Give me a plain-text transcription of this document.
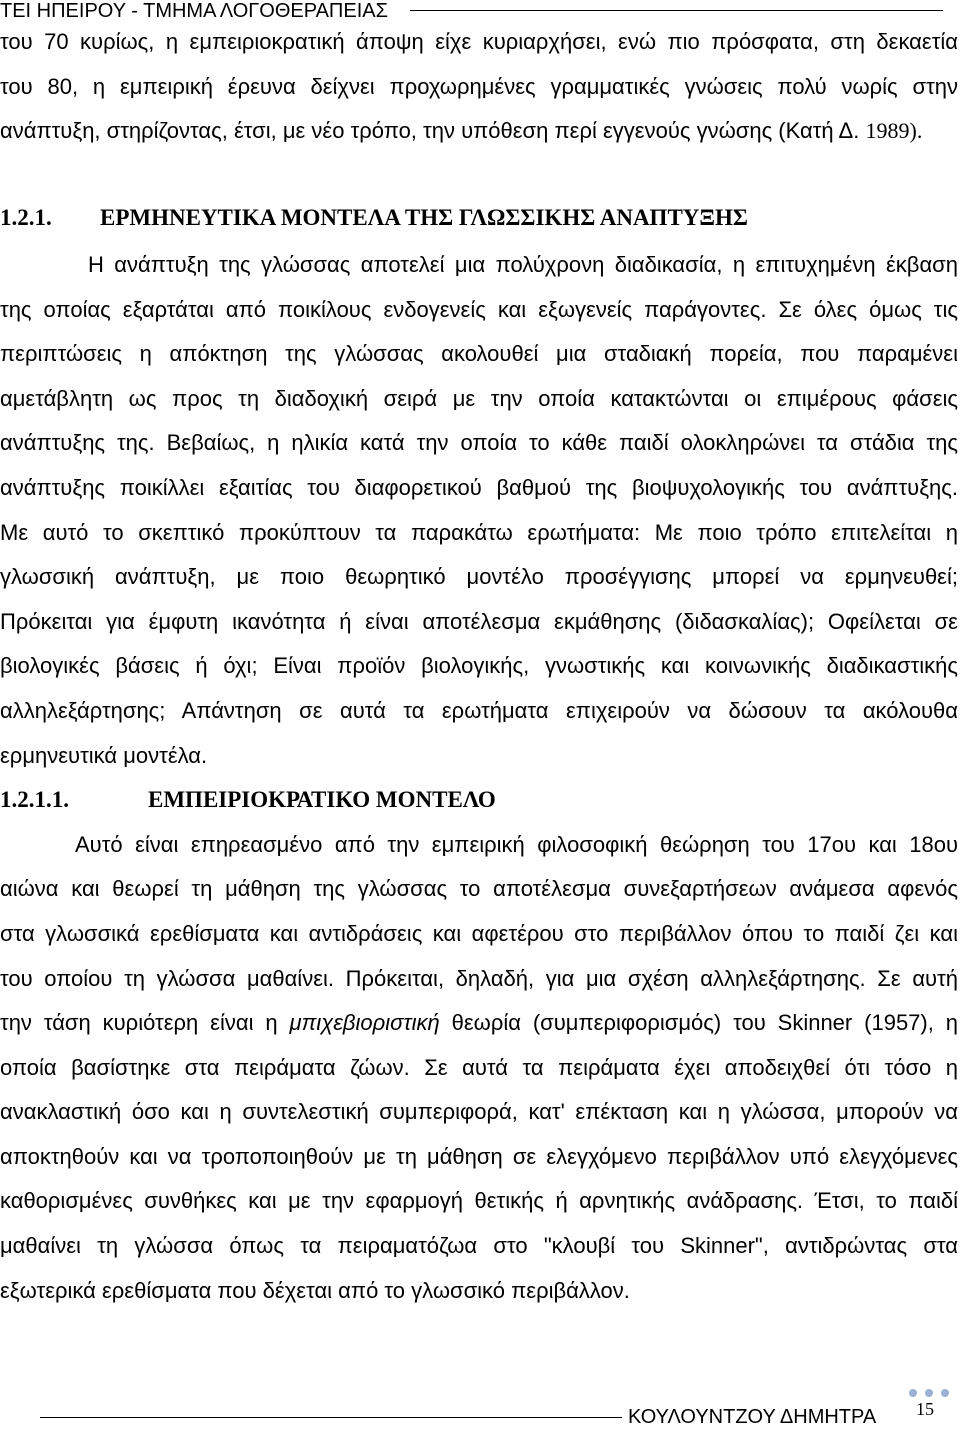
ΤΕΙ ΗΠΕΙΡΟΥ - ΤΜΗΜΑ ΛΟΓΟΘΕΡΑΠΕΙΑΣ
του 70 κυρίως, η εμπειριοκρατική άποψη είχε κυριαρχήσει, ενώ πιο πρόσφατα, στη δεκαετία
του 80, η εμπειρική έρευνα δείχνει προχωρημένες γραμματικές γνώσεις πολύ νωρίς στην
ανάπτυξη, στηρίζοντας, έτσι, με νέο τρόπο, την υπόθεση περί εγγενούς γνώσης (Κατή Δ. 1989).
1.2.1. ΕΡΜΗΝΕΥΤΙΚΑ ΜΟΝΤΕΛΑ ΤΗΣ ΓΛΩΣΣΙΚΗΣ ΑΝΑΠΤΥΞΗΣ
Η ανάπτυξη της γλώσσας αποτελεί μια πολύχρονη διαδικασία, η επιτυχημένη έκβαση
της οποίας εξαρτάται από ποικίλους ενδογενείς και εξωγενείς παράγοντες. Σε όλες όμως τις
περιπτώσεις η απόκτηση της γλώσσας ακολουθεί μια σταδιακή πορεία, που παραμένει
αμετάβλητη ως προς τη διαδοχική σειρά με την οποία κατακτώνται οι επιμέρους φάσεις
ανάπτυξης της. Βεβαίως, η ηλικία κατά την οποία το κάθε παιδί ολοκληρώνει τα στάδια της
ανάπτυξης ποικίλλει εξαιτίας του διαφορετικού βαθμού της βιοψυχολογικής του ανάπτυξης.
Με αυτό το σκεπτικό προκύπτουν τα παρακάτω ερωτήματα: Με ποιο τρόπο επιτελείται η
γλωσσική ανάπτυξη, με ποιο θεωρητικό μοντέλο προσέγγισης μπορεί να ερμηνευθεί;
Πρόκειται για έμφυτη ικανότητα ή είναι αποτέλεσμα εκμάθησης (διδασκαλίας); Οφείλεται σε
βιολογικές βάσεις ή όχι; Είναι προϊόν βιολογικής, γνωστικής και κοινωνικής διαδικαστικής
αλληλεξάρτησης; Απάντηση σε αυτά τα ερωτήματα επιχειρούν να δώσουν τα ακόλουθα
ερμηνευτικά μοντέλα.
1.2.1.1.	ΕΜΠΕΙΡΙΟΚΡΑΤΙΚΟ ΜΟΝΤΕΛΟ
Αυτό είναι επηρεασμένο από την εμπειρική φιλοσοφική θεώρηση του 17ου και 18ου
αιώνα και θεωρεί τη μάθηση της γλώσσας το αποτέλεσμα συνεξαρτήσεων ανάμεσα αφενός
στα γλωσσικά ερεθίσματα και αντιδράσεις και αφετέρου στο περιβάλλον όπου το παιδί ζει και
του οποίου τη γλώσσα μαθαίνει. Πρόκειται, δηλαδή, για μια σχέση αλληλεξάρτησης. Σε αυτή
την τάση κυριότερη είναι η μπιχεβιοριστική θεωρία (συμπεριφορισμός) του Skinner (1957), η
οποία βασίστηκε στα πειράματα ζώων. Σε αυτά τα πειράματα έχει αποδειχθεί ότι τόσο η
ανακλαστική όσο και η συντελεστική συμπεριφορά, κατ' επέκταση και η γλώσσα, μπορούν να
αποκτηθούν και να τροποποιηθούν με τη μάθηση σε ελεγχόμενο περιβάλλον υπό ελεγχόμενες
καθορισμένες συνθήκες και με την εφαρμογή θετικής ή αρνητικής ανάδρασης. Έτσι, το παιδί
μαθαίνει τη γλώσσα όπως τα πειραματόζωα στο "κλουβί του Skinner", αντιδρώντας στα
εξωτερικά ερεθίσματα που δέχεται από το γλωσσικό περιβάλλον.
ΚΟΥΛΟΥΝΤΖΟΥ ΔΗΜΗΤΡΑ 15
